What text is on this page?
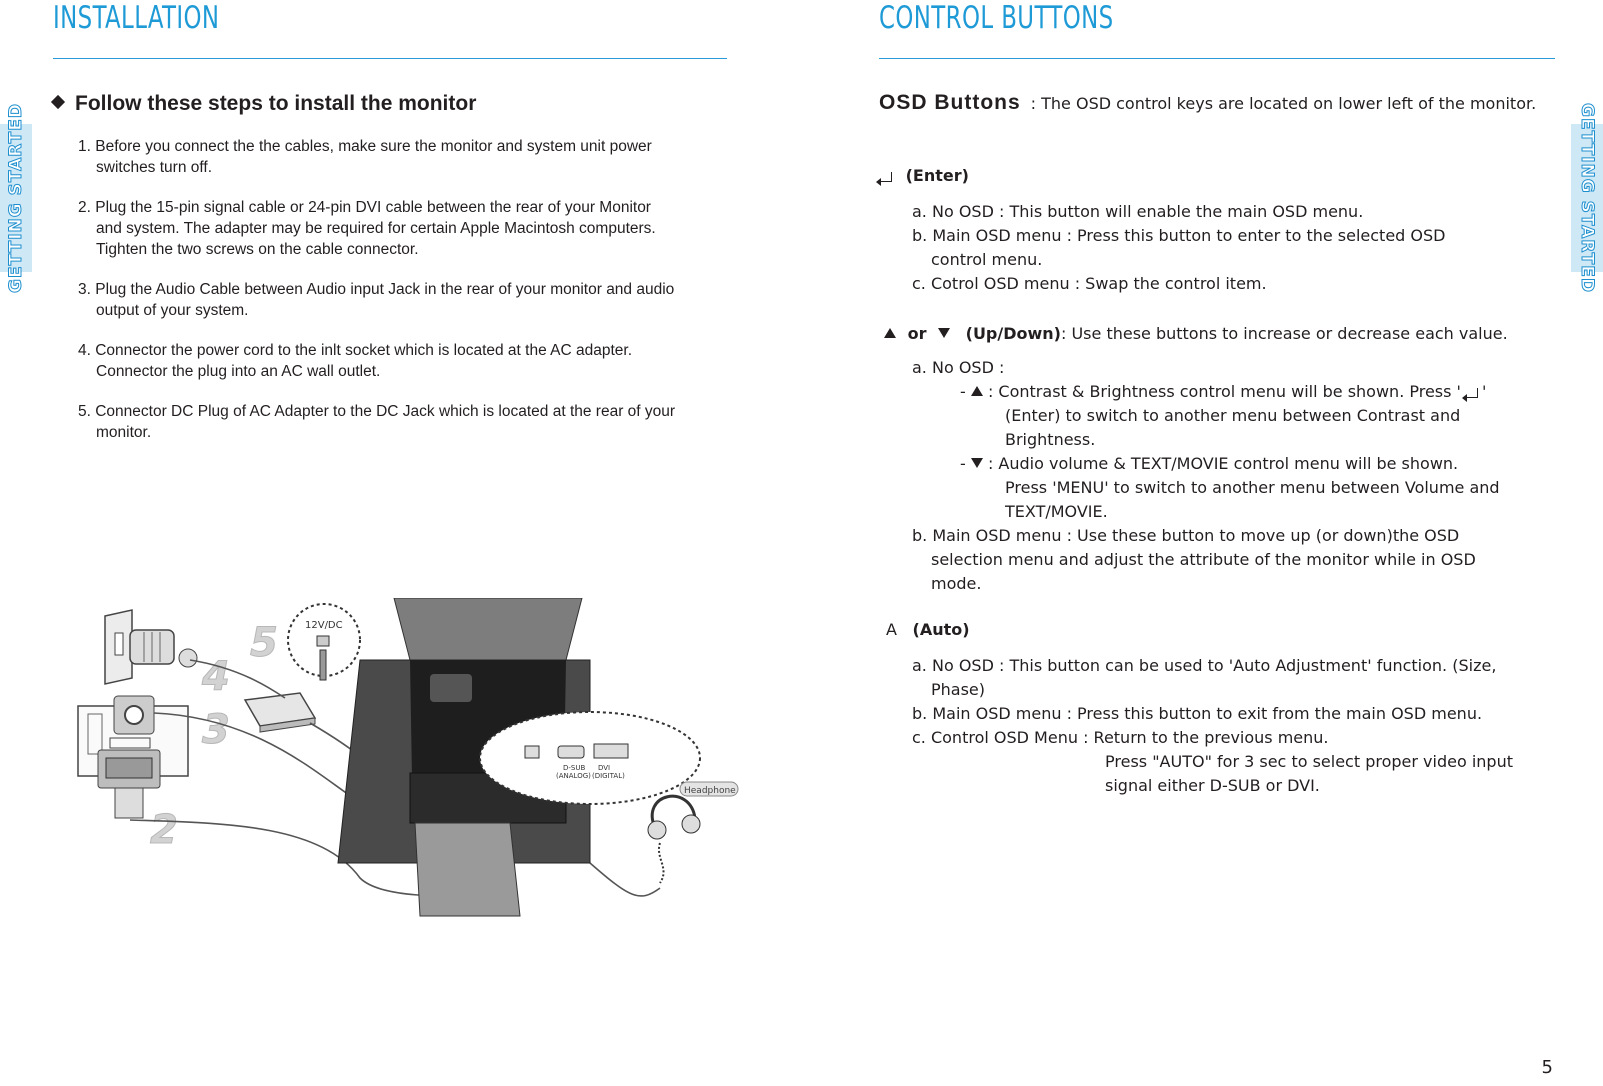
INSTALLATION
GETTING STARTED	Follow these steps to install the monitor
1. Before you connect the the cables, make sure the monitor and system unit power switches turn off.
2. Plug the 15-pin signal cable or 24-pin DVI cable between the rear of your Monitor and system. The adapter may be required for certain Apple Macintosh computers. Tighten the two screws on the cable connector.
3. Plug the Audio Cable between Audio input Jack in the rear of your monitor and audio output of your system.
4. Connector the power cord to the inlt socket which is located at the AC adapter. Connector the plug into an AC wall outlet.
5. Connector DC Plug of AC Adapter to the DC Jack which is located at the rear of your monitor.
2
3
4
5	12V/DC
D-SUB
(ANALOG)
DVI
(DIGITAL)
Headphone
CONTROL BUTTONS
GETTING STARTED
OSD Buttons : The OSD control keys are located on lower left of the monitor.
(Enter)
a. No OSD : This button will enable the main OSD menu.
b. Main OSD menu : Press this button to enter to the selected OSD
control menu.
c. Cotrol OSD menu : Swap the control item.
or (Up/Down): Use these buttons to increase or decrease each value.
a. No OSD :
-  : Contrast & Brightness control menu will be shown. Press ' '
(Enter) to switch to another menu between Contrast and
Brightness.
-  : Audio volume & TEXT/MOVIE control menu will be shown.
Press 'MENU' to switch to another menu between Volume and
TEXT/MOVIE.
b. Main OSD menu : Use these button to move up (or down)the OSD
selection menu and adjust the attribute of the monitor while in OSD
mode.
A (Auto)
a. No OSD : This button can be used to 'Auto Adjustment' function. (Size,
Phase)
b. Main OSD menu : Press this button to exit from the main OSD menu.
c. Control OSD Menu : Return to the previous menu.
Press "AUTO" for 3 sec to select proper video input
signal either D-SUB or DVI.
5
